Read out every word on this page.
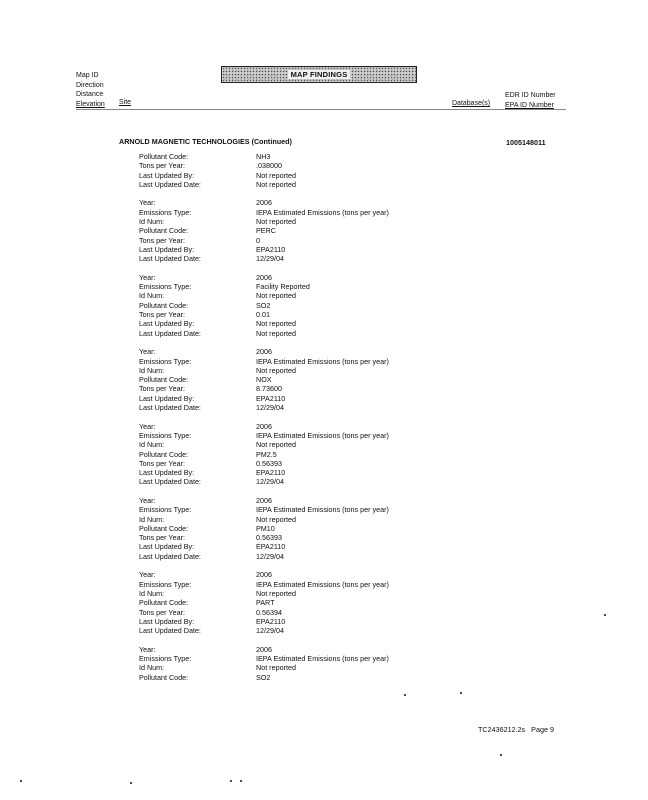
Map ID
Direction
Distance
Elevation Site
MAP FINDINGS
Database(s)
EDR ID Number
EPA ID Number
ARNOLD MAGNETIC TECHNOLOGIES (Continued)	1005148011
Pollutant Code:	NH3
Tons per Year:	.038000
Last Updated By:	Not reported
Last Updated Date:	Not reported
Year:	2006
Emissions Type:	IEPA Estimated Emissions (tons per year)
Id Num:	Not reported
Pollutant Code:	PERC
Tons per Year:	0
Last Updated By:	EPA2110
Last Updated Date:	12/29/04
Year:	2006
Emissions Type:	Facility Reported
Id Num:	Not reported
Pollutant Code:	SO2
Tons per Year:	0.01
Last Updated By:	Not reported
Last Updated Date:	Not reported
Year:	2006
Emissions Type:	IEPA Estimated Emissions (tons per year)
Id Num:	Not reported
Pollutant Code:	NOX
Tons per Year:	8.73600
Last Updated By:	EPA2110
Last Updated Date:	12/29/04
Year:	2006
Emissions Type:	IEPA Estimated Emissions (tons per year)
Id Num:	Not reported
Pollutant Code:	PM2.5
Tons per Year:	0.56393
Last Updated By:	EPA2110
Last Updated Date:	12/29/04
Year:	2006
Emissions Type:	IEPA Estimated Emissions (tons per year)
Id Num:	Not reported
Pollutant Code:	PM10
Tons per Year:	0.56393
Last Updated By:	EPA2110
Last Updated Date:	12/29/04
Year:	2006
Emissions Type:	IEPA Estimated Emissions (tons per year)
Id Num:	Not reported
Pollutant Code:	PART
Tons per Year:	0.56394
Last Updated By:	EPA2110
Last Updated Date:	12/29/04
Year:	2006
Emissions Type:	IEPA Estimated Emissions (tons per year)
Id Num:	Not reported
Pollutant Code:	SO2
TC2436212.2s Page 9
